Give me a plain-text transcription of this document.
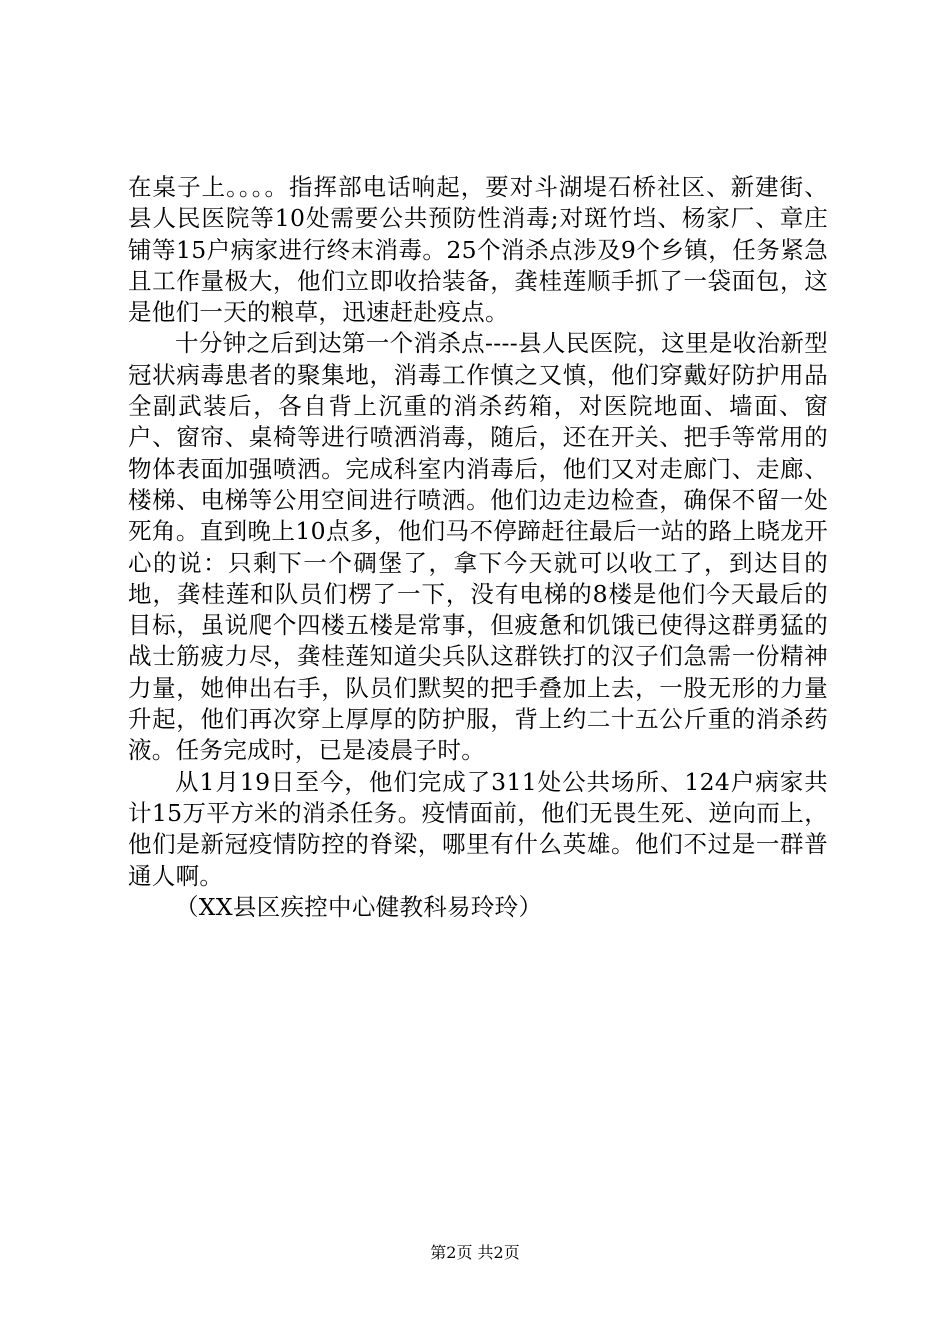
在桌子上。。。。指挥部电话响起，要对斗湖堤石桥社区、新建街、县人民医院等10处需要公共预防性消毒;对斑竹垱、杨家厂、章庄铺等15户病家进行终末消毒。25个消杀点涉及9个乡镇，任务紧急且工作量极大，他们立即收拾装备，龚桂莲顺手抓了一袋面包，这是他们一天的粮草，迅速赶赴疫点。

十分钟之后到达第一个消杀点----县人民医院，这里是收治新型冠状病毒患者的聚集地，消毒工作慎之又慎，他们穿戴好防护用品全副武装后，各自背上沉重的消杀药箱，对医院地面、墙面、窗户、窗帘、桌椅等进行喷洒消毒，随后，还在开关、把手等常用的物体表面加强喷洒。完成科室内消毒后，他们又对走廊门、走廊、楼梯、电梯等公用空间进行喷洒。他们边走边检查，确保不留一处死角。直到晚上10点多，他们马不停蹄赶往最后一站的路上晓龙开心的说：只剩下一个碉堡了，拿下今天就可以收工了，到达目的地，龚桂莲和队员们楞了一下，没有电梯的8楼是他们今天最后的目标，虽说爬个四楼五楼是常事，但疲惫和饥饿已使得这群勇猛的战士筋疲力尽，龚桂莲知道尖兵队这群铁打的汉子们急需一份精神力量，她伸出右手，队员们默契的把手叠加上去，一股无形的力量升起，他们再次穿上厚厚的防护服，背上约二十五公斤重的消杀药液。任务完成时，已是凌晨子时。

从1月19日至今，他们完成了311处公共场所、124户病家共计15万平方米的消杀任务。疫情面前，他们无畏生死、逆向而上，他们是新冠疫情防控的脊梁，哪里有什么英雄。他们不过是一群普通人啊。

（XX县区疾控中心健教科易玲玲）

第2页 共2页
